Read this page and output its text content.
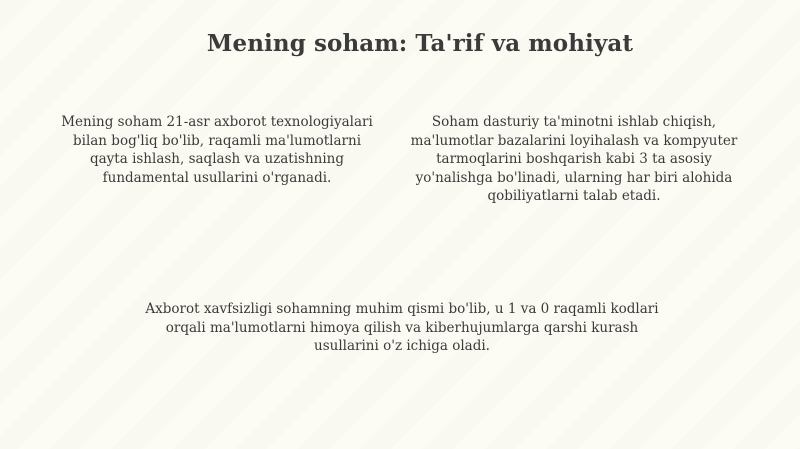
Mening soham: Ta'rif va mohiyat

Mening soham 21-asr axborot texnologiyalari bilan bog'liq bo'lib, raqamli ma'lumotlarni qayta ishlash, saqlash va uzatishning fundamental usullarini o'rganadi.

Soham dasturiy ta'minotni ishlab chiqish, ma'lumotlar bazalarini loyihalash va kompyuter tarmoqlarini boshqarish kabi 3 ta asosiy yo'nalishga bo'linadi, ularning har biri alohida qobiliyatlarni talab etadi.

Axborot xavfsizligi sohamning muhim qismi bo'lib, u 1 va 0 raqamli kodlari orqali ma'lumotlarni himoya qilish va kiberhujumlarga qarshi kurash usullarini o'z ichiga oladi.
